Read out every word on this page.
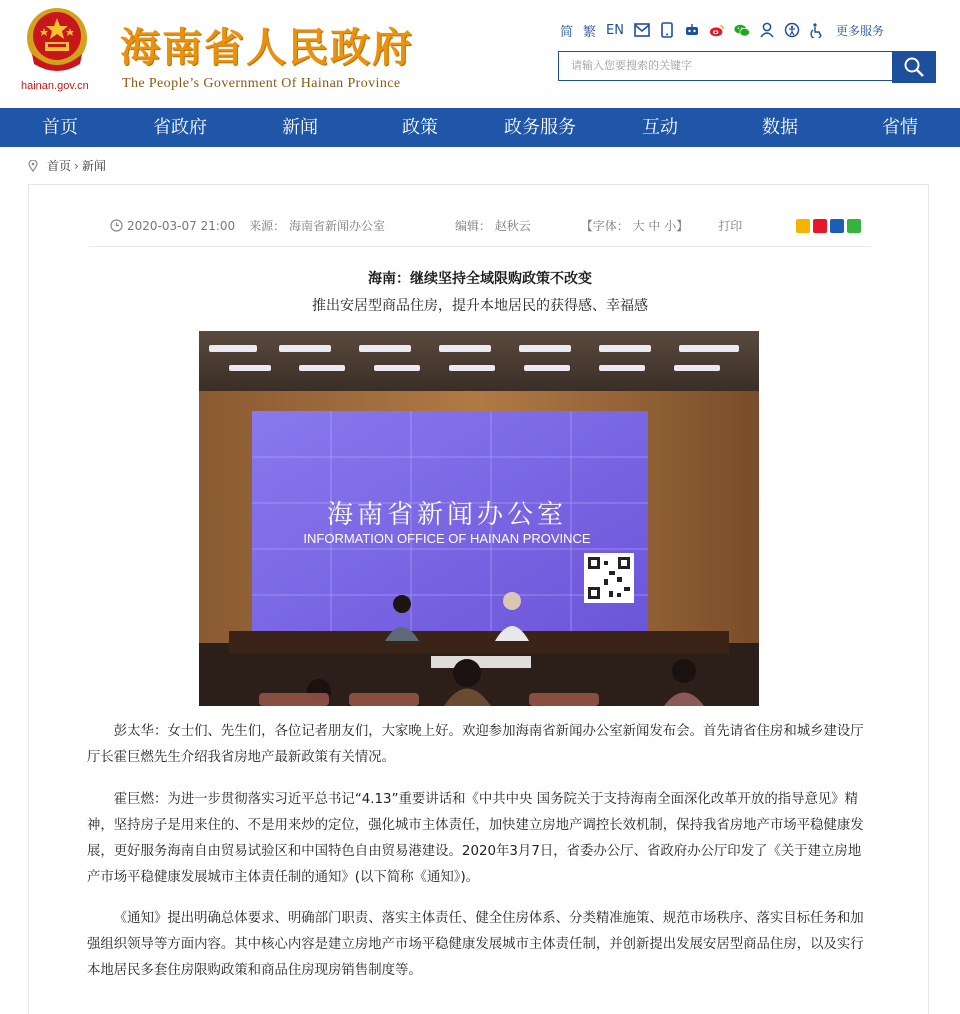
hainan.gov.cn
海南省人民政府
The People’s Government Of Hainan Province
简 繁 EN	更多服务
请输入您要搜索的关键字
首页	省政府	新闻	政策	政务服务	互动	数据	省情
首页 › 新闻
2020-03-07 21:00 来源： 海南省新闻办公室	编辑： 赵秋云	【字体： 大 中 小】	打印
海南：继续坚持全域限购政策不改变
推出安居型商品住房，提升本地居民的获得感、幸福感
海南省新闻办公室
INFORMATION OFFICE OF HAINAN PROVINCE

彭太华：女士们、先生们，各位记者朋友们，大家晚上好。欢迎参加海南省新闻办公室新闻发布会。首先请省住房和城乡建设厅厅长霍巨燃先生介绍我省房地产最新政策有关情况。

霍巨燃：为进一步贯彻落实习近平总书记“4.13”重要讲话和《中共中央 国务院关于支持海南全面深化改革开放的指导意见》精神，坚持房子是用来住的、不是用来炒的定位，强化城市主体责任，加快建立房地产调控长效机制，保持我省房地产市场平稳健康发展，更好服务海南自由贸易试验区和中国特色自由贸易港建设。2020年3月7日，省委办公厅、省政府办公厅印发了《关于建立房地产市场平稳健康发展城市主体责任制的通知》(以下简称《通知》)。

《通知》提出明确总体要求、明确部门职责、落实主体责任、健全住房体系、分类精准施策、规范市场秩序、落实目标任务和加强组织领导等方面内容。其中核心内容是建立房地产市场平稳健康发展城市主体责任制，并创新提出发展安居型商品住房，以及实行本地居民多套住房限购政策和商品住房现房销售制度等。
